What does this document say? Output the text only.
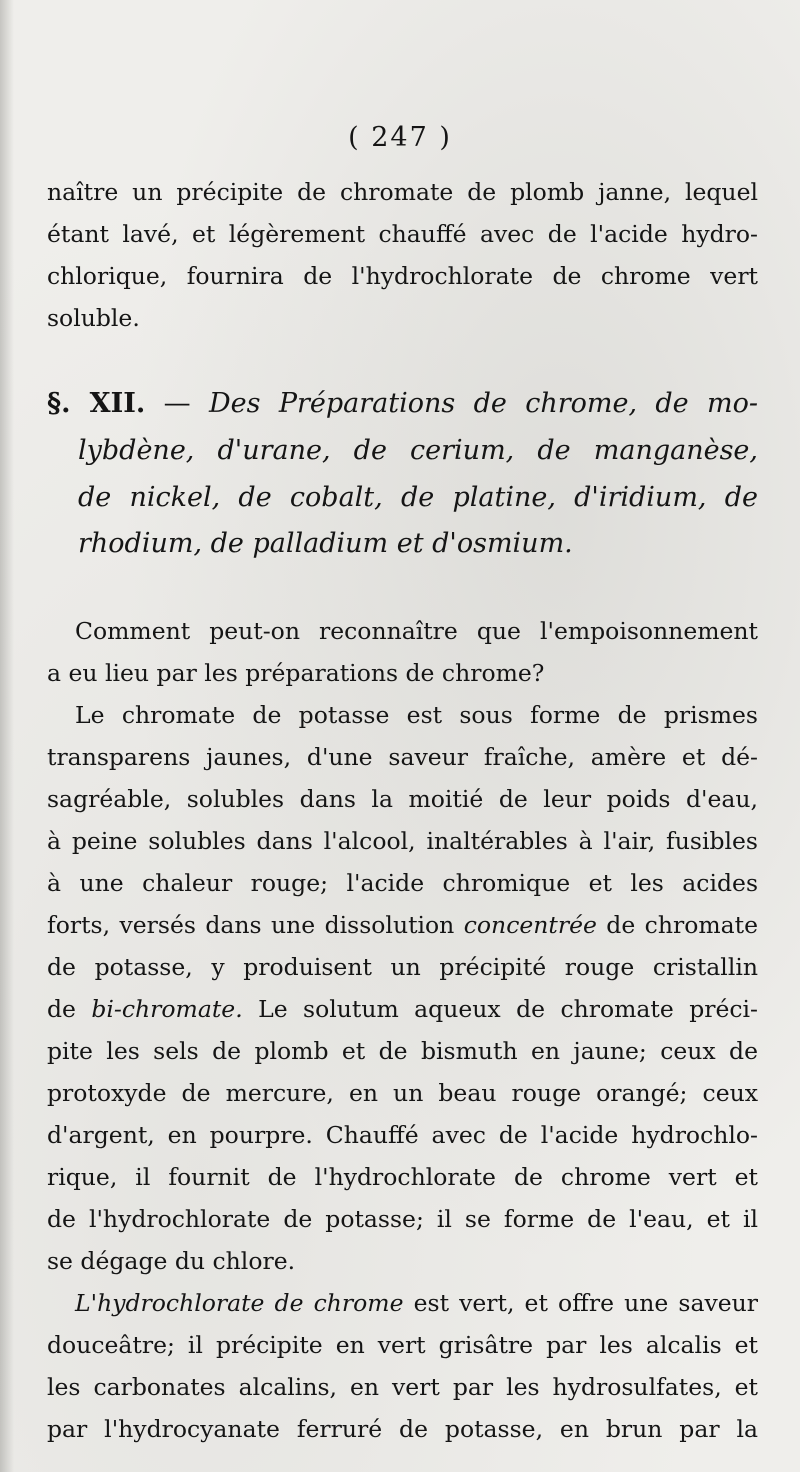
( 247 )
naître un précipite de chromate de plomb janne, lequel
étant lavé, et légèrement chauffé avec de l'acide hydro-
chlorique, fournira de l'hydrochlorate de chrome vert
soluble.
§. XII. — Des Préparations de chrome, de mo-
lybdène, d'urane, de cerium, de manganèse,
de nickel, de cobalt, de platine, d'iridium, de
rhodium, de palladium et d'osmium.
Comment peut-on reconnaître que l'empoisonnement
a eu lieu par les préparations de chrome?
Le chromate de potasse est sous forme de prismes
transparens jaunes, d'une saveur fraîche, amère et dé-
sagréable, solubles dans la moitié de leur poids d'eau,
à peine solubles dans l'alcool, inaltérables à l'air, fusibles
à une chaleur rouge; l'acide chromique et les acides
forts, versés dans une dissolution concentrée de chromate
de potasse, y produisent un précipité rouge cristallin
de bi-chromate. Le solutum aqueux de chromate préci-
pite les sels de plomb et de bismuth en jaune; ceux de
protoxyde de mercure, en un beau rouge orangé; ceux
d'argent, en pourpre. Chauffé avec de l'acide hydrochlo-
rique, il fournit de l'hydrochlorate de chrome vert et
de l'hydrochlorate de potasse; il se forme de l'eau, et il
se dégage du chlore.
L'hydrochlorate de chrome est vert, et offre une saveur
douceâtre; il précipite en vert grisâtre par les alcalis et
les carbonates alcalins, en vert par les hydrosulfates, et
par l'hydrocyanate ferruré de potasse, en brun par la
